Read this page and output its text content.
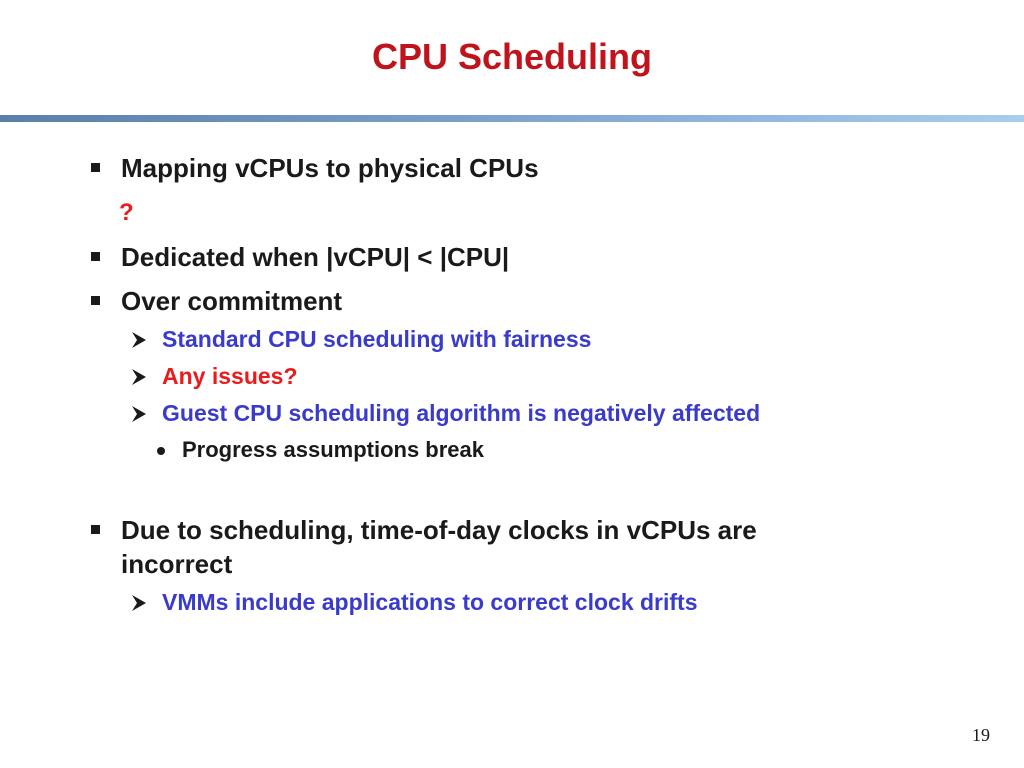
CPU Scheduling
Mapping vCPUs to physical CPUs
?
Dedicated when |vCPU| < |CPU|
Over commitment
Standard CPU scheduling with fairness
Any issues?
Guest CPU scheduling algorithm is negatively affected
Progress assumptions break
Due to scheduling, time-of-day clocks in vCPUs are
incorrect
VMMs include applications to correct clock drifts
19
